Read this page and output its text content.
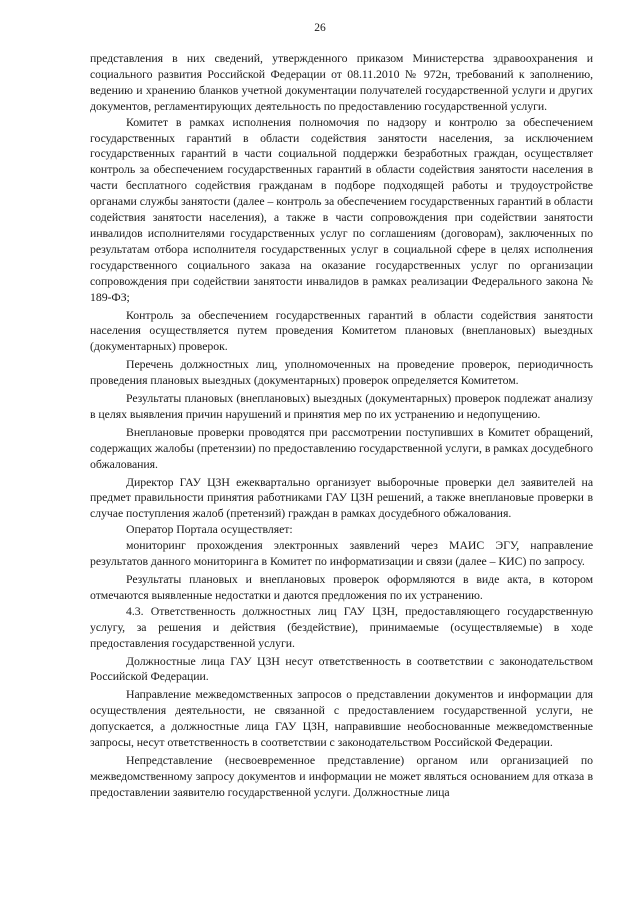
26

представления в них сведений, утвержденного приказом Министерства здравоохранения и социального развития Российской Федерации от 08.11.2010 № 972н, требований к заполнению, ведению и хранению бланков учетной документации получателей государственной услуги и других документов, регламентирующих деятельность по предоставлению государственной услуги.

Комитет в рамках исполнения полномочия по надзору и контролю за обеспечением государственных гарантий в области содействия занятости населения, за исключением государственных гарантий в части социальной поддержки безработных граждан, осуществляет контроль за обеспечением государственных гарантий в области содействия занятости населения в части бесплатного содействия гражданам в подборе подходящей работы и трудоустройстве органами службы занятости (далее – контроль за обеспечением государственных гарантий в области содействия занятости населения), а также в части сопровождения при содействии занятости инвалидов исполнителями государственных услуг по соглашениям (договорам), заключенных по результатам отбора исполнителя государственных услуг в социальной сфере в целях исполнения государственного социального заказа на оказание государственных услуг по организации сопровождения при содействии занятости инвалидов в рамках реализации Федерального закона № 189-ФЗ;

Контроль за обеспечением государственных гарантий в области содействия занятости населения осуществляется путем проведения Комитетом плановых (внеплановых) выездных (документарных) проверок.

Перечень должностных лиц, уполномоченных на проведение проверок, периодичность проведения плановых выездных (документарных) проверок определяется Комитетом.

Результаты плановых (внеплановых) выездных (документарных) проверок подлежат анализу в целях выявления причин нарушений и принятия мер по их устранению и недопущению.

Внеплановые проверки проводятся при рассмотрении поступивших в Комитет обращений, содержащих жалобы (претензии) по предоставлению государственной услуги, в рамках досудебного обжалования.

Директор ГАУ ЦЗН ежеквартально организует выборочные проверки дел заявителей на предмет правильности принятия работниками ГАУ ЦЗН решений, а также внеплановые проверки в случае поступления жалоб (претензий) граждан в рамках досудебного обжалования.

Оператор Портала осуществляет:

мониторинг прохождения электронных заявлений через МАИС ЭГУ, направление результатов данного мониторинга в Комитет по информатизации и связи (далее – КИС) по запросу.

Результаты плановых и внеплановых проверок оформляются в виде акта, в котором отмечаются выявленные недостатки и даются предложения по их устранению.

4.3. Ответственность должностных лиц ГАУ ЦЗН, предоставляющего государственную услугу, за решения и действия (бездействие), принимаемые (осуществляемые) в ходе предоставления государственной услуги.

Должностные лица ГАУ ЦЗН несут ответственность в соответствии с законодательством Российской Федерации.

Направление межведомственных запросов о представлении документов и информации для осуществления деятельности, не связанной с предоставлением государственной услуги, не допускается, а должностные лица ГАУ ЦЗН, направившие необоснованные межведомственные запросы, несут ответственность в соответствии с законодательством Российской Федерации.

Непредставление (несвоевременное представление) органом или организацией по межведомственному запросу документов и информации не может являться основанием для отказа в предоставлении заявителю государственной услуги. Должностные лица
